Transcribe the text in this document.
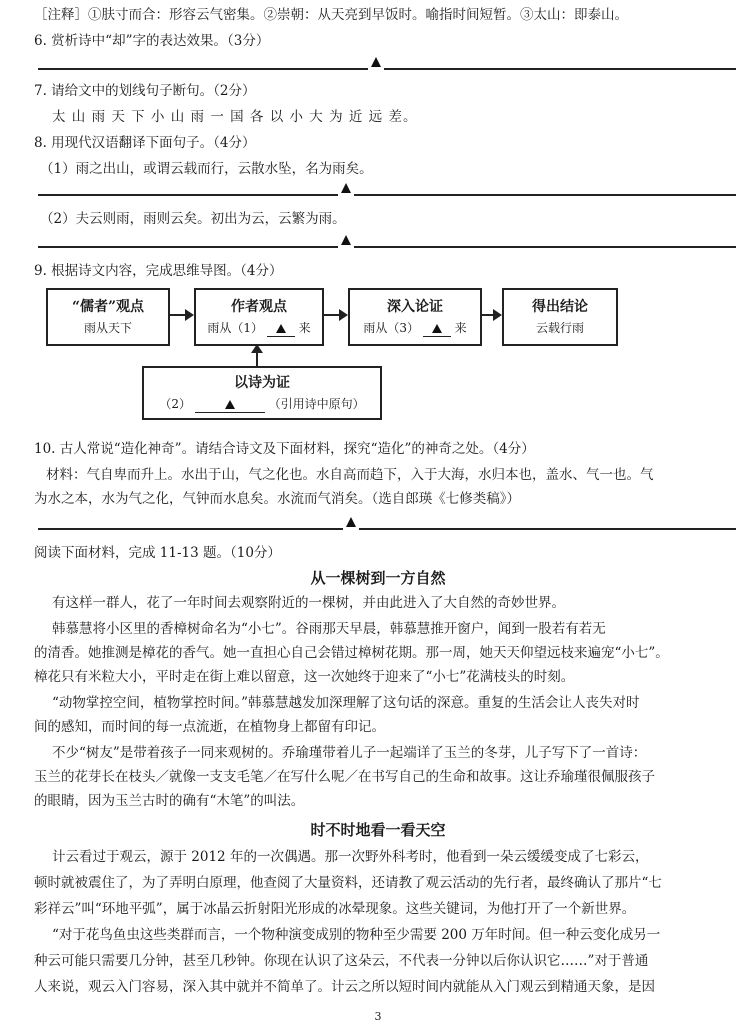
［注释］①肤寸而合：形容云气密集。②崇朝：从天亮到早饭时。喻指时间短暂。③太山：即泰山。
6. 赏析诗中“却”字的表达效果。（3分）
7. 请给文中的划线句子断句。（2分）
太 山 雨 天 下 小 山 雨 一 国 各 以 小 大 为 近 远 差。
8. 用现代汉语翻译下面句子。（4分）
（1）雨之出山，或谓云载而行，云散水坠，名为雨矣。
（2）夫云则雨，雨则云矣。初出为云，云繁为雨。
9. 根据诗文内容，完成思维导图。（4分）
“儒者”观点
雨从天下
作者观点
雨从（1）	来
深入论证
雨从（3）	来
得出结论
云载行雨
以诗为证
（2）	（引用诗中原句）
10. 古人常说“造化神奇”。请结合诗文及下面材料，探究“造化”的神奇之处。（4分）
材料：气自卑而升上。水出于山，气之化也。水自高而趋下，入于大海，水归本也，盖水、气一也。气
为水之本，水为气之化，气钟而水息矣。水流而气消矣。（选自郎瑛《七修类稿》）
阅读下面材料，完成 11-13 题。（10分）
从一棵树到一方自然
有这样一群人，花了一年时间去观察附近的一棵树，并由此进入了大自然的奇妙世界。
韩慕慧将小区里的香樟树命名为“小七”。谷雨那天早晨，韩慕慧推开窗户，闻到一股若有若无
的清香。她推测是樟花的香气。她一直担心自己会错过樟树花期。那一周，她天天仰望远枝来遍宠“小七”。
樟花只有米粒大小，平时走在街上难以留意，这一次她终于迎来了“小七”花满枝头的时刻。
“动物掌控空间，植物掌控时间。”韩慕慧越发加深理解了这句话的深意。重复的生活会让人丧失对时
间的感知，而时间的每一点流逝，在植物身上都留有印记。
不少“树友”是带着孩子一同来观树的。乔瑜瑾带着儿子一起端详了玉兰的冬芽，儿子写下了一首诗：
玉兰的花芽长在枝头／就像一支支毛笔／在写什么呢／在书写自己的生命和故事。这让乔瑜瑾很佩服孩子
的眼睛，因为玉兰古时的确有“木笔”的叫法。
时不时地看一看天空
计云看过于观云，源于 2012 年的一次偶遇。那一次野外科考时，他看到一朵云缓缓变成了七彩云，
顿时就被震住了，为了弄明白原理，他查阅了大量资料，还请教了观云活动的先行者，最终确认了那片“七
彩祥云”叫“环地平弧”，属于冰晶云折射阳光形成的冰晕现象。这些关键词，为他打开了一个新世界。
“对于花鸟鱼虫这些类群而言，一个物种演变成别的物种至少需要 200 万年时间。但一种云变化成另一
种云可能只需要几分钟，甚至几秒钟。你现在认识了这朵云，不代表一分钟以后你认识它……”对于普通
人来说，观云入门容易，深入其中就并不简单了。计云之所以短时间内就能从入门观云到精通天象，是因
3
